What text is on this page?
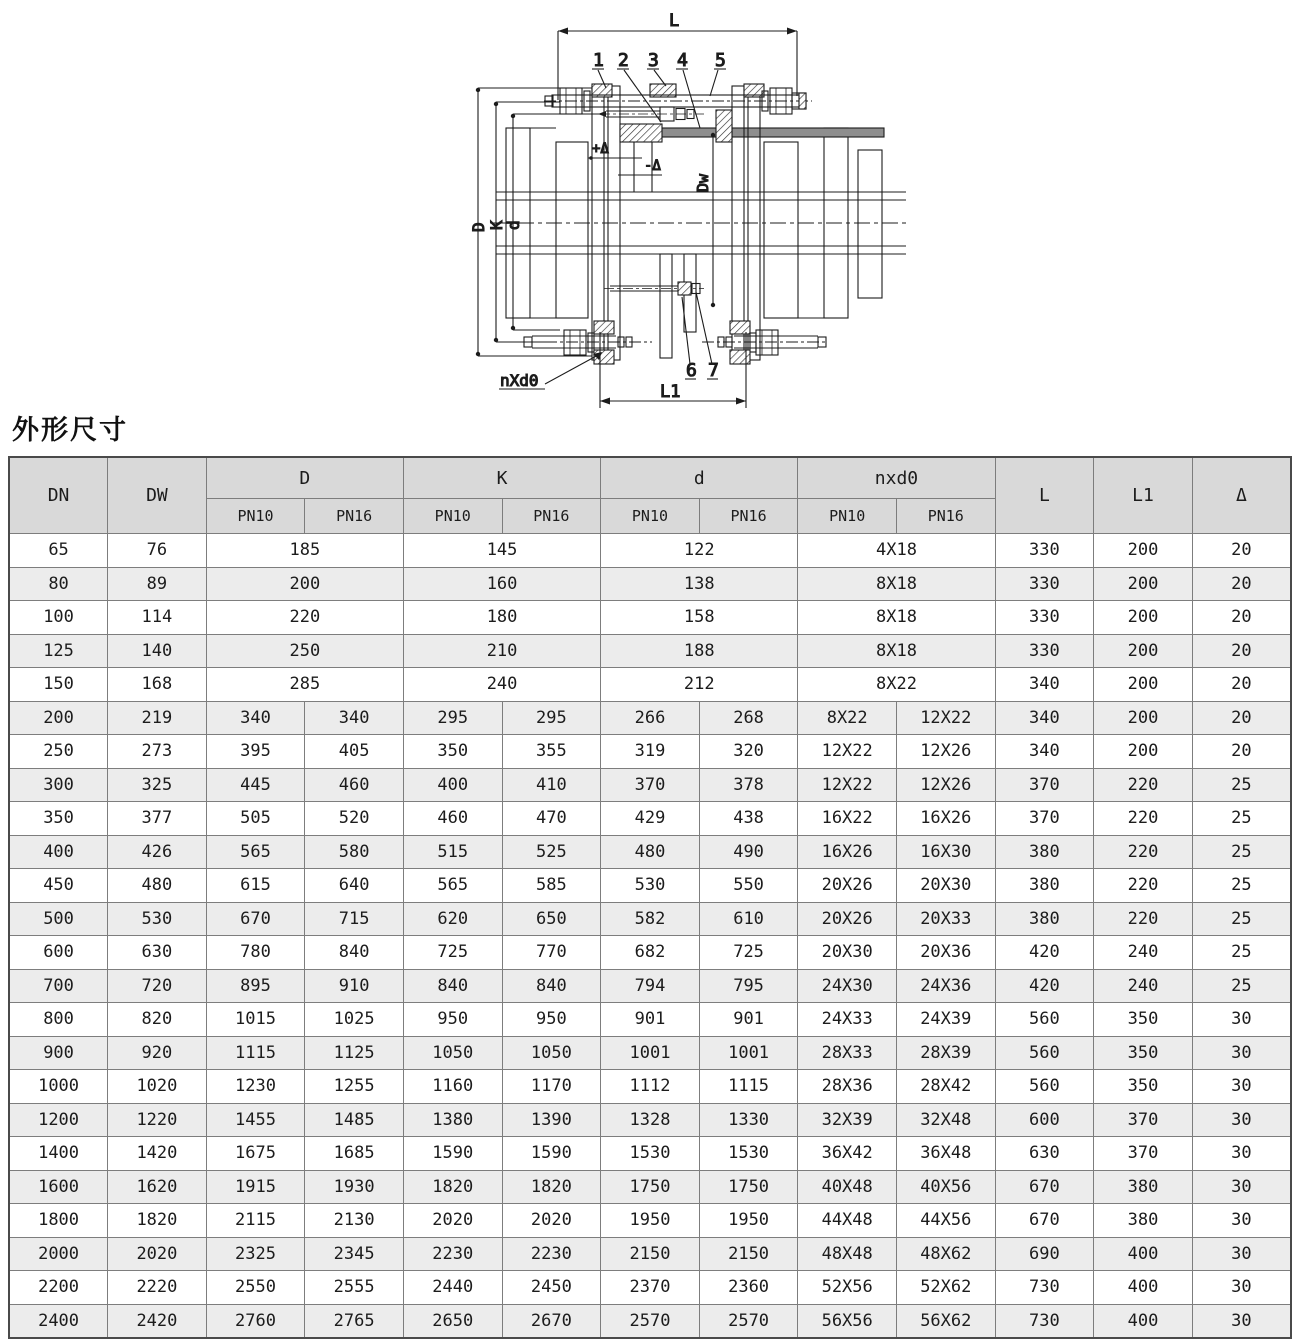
L
1 2 3 4 5
6 7
D K
d
Dw
+Δ
-Δ
nXd0
L1
外形尺寸
DN	DW	D		K		d		nxd0		L	L1	Δ
		PN10	PN16	PN10	PN16	PN10	PN16	PN10	PN16			
65	76	185		145		122		4X18		330	200	20
80	89	200		160		138		8X18		330	200	20
100	114	220		180		158		8X18		330	200	20
125	140	250		210		188		8X18		330	200	20
150	168	285		240		212		8X22		340	200	20
200	219	340	340	295	295	266	268	8X22	12X22	340	200	20
250	273	395	405	350	355	319	320	12X22	12X26	340	200	20
300	325	445	460	400	410	370	378	12X22	12X26	370	220	25
350	377	505	520	460	470	429	438	16X22	16X26	370	220	25
400	426	565	580	515	525	480	490	16X26	16X30	380	220	25
450	480	615	640	565	585	530	550	20X26	20X30	380	220	25
500	530	670	715	620	650	582	610	20X26	20X33	380	220	25
600	630	780	840	725	770	682	725	20X30	20X36	420	240	25
700	720	895	910	840	840	794	795	24X30	24X36	420	240	25
800	820	1015	1025	950	950	901	901	24X33	24X39	560	350	30
900	920	1115	1125	1050	1050	1001	1001	28X33	28X39	560	350	30
1000	1020	1230	1255	1160	1170	1112	1115	28X36	28X42	560	350	30
1200	1220	1455	1485	1380	1390	1328	1330	32X39	32X48	600	370	30
1400	1420	1675	1685	1590	1590	1530	1530	36X42	36X48	630	370	30
1600	1620	1915	1930	1820	1820	1750	1750	40X48	40X56	670	380	30
1800	1820	2115	2130	2020	2020	1950	1950	44X48	44X56	670	380	30
2000	2020	2325	2345	2230	2230	2150	2150	48X48	48X62	690	400	30
2200	2220	2550	2555	2440	2450	2370	2360	52X56	52X62	730	400	30
2400	2420	2760	2765	2650	2670	2570	2570	56X56	56X62	730	400	30
